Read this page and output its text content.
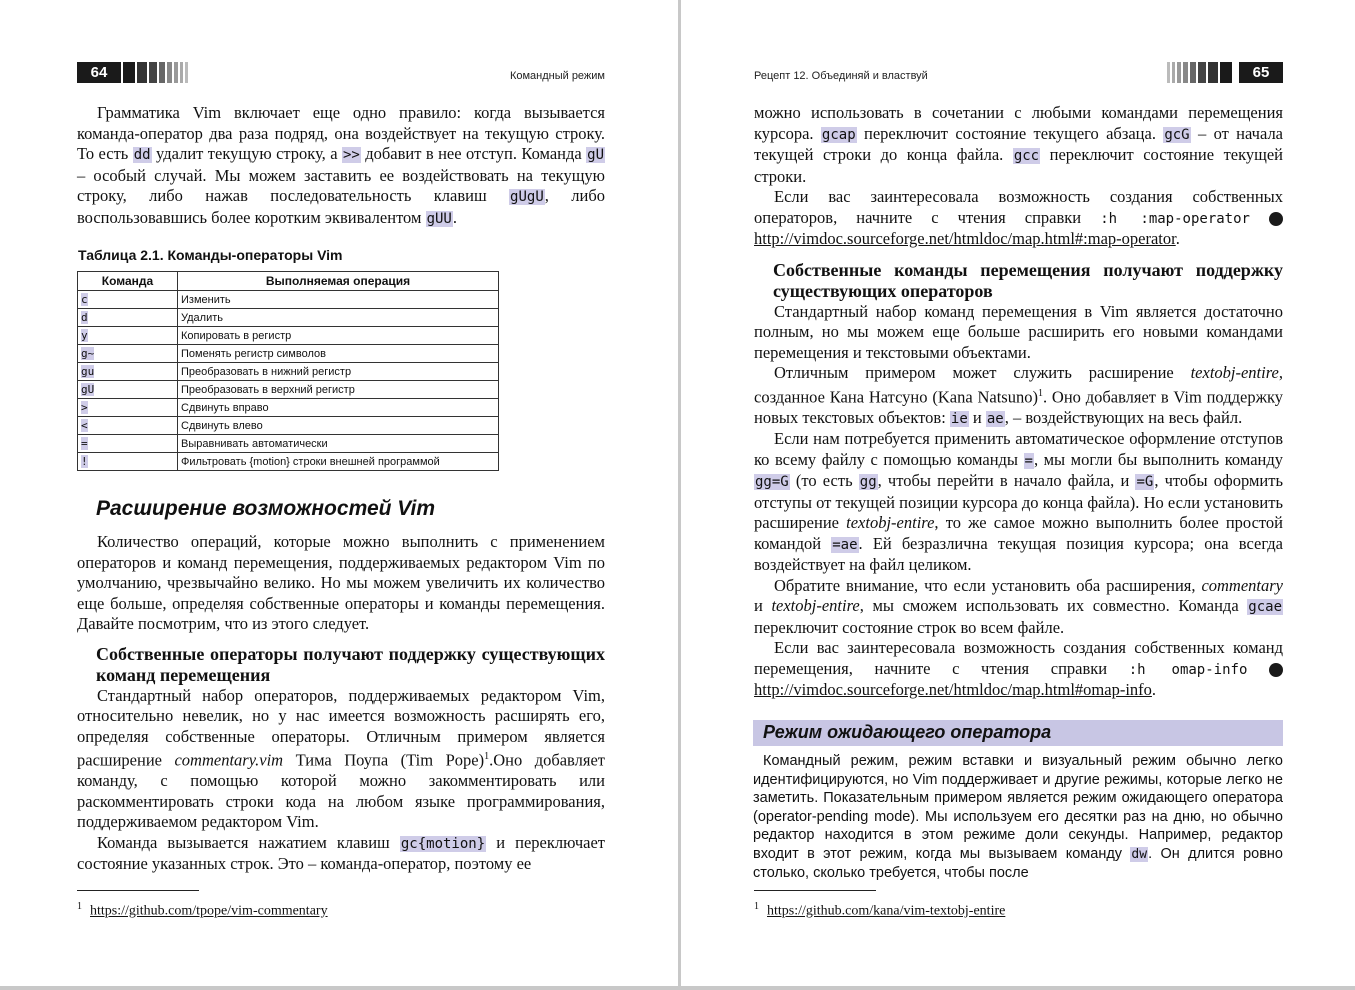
64	Командный режим

Грамматика Vim включает еще одно правило: когда вызывается команда-оператор два раза подряд, она воздействует на текущую строку. То есть dd удалит текущую строку, а >> добавит в нее отступ. Команда gU – особый случай. Мы можем заставить ее воздействовать на текущую строку, либо нажав последовательность клавиш gUgU, либо воспользовавшись более коротким эквивалентом gUU.

Таблица 2.1. Команды-операторы Vim
Команда	Выполняемая операция
c	Изменить
d	Удалить
y	Копировать в регистр
g~	Поменять регистр символов
gu	Преобразовать в нижний регистр
gU	Преобразовать в верхний регистр
>	Сдвинуть вправо
<	Сдвинуть влево
=	Выравнивать автоматически
!	Фильтровать {motion} строки внешней программой
Расширение возможностей Vim

Количество операций, которые можно выполнить с применением операторов и команд перемещения, поддерживаемых редактором Vim по умолчанию, чрезвычайно велико. Но мы можем увеличить их количество еще больше, определяя собственные операторы и команды перемещения. Давайте посмотрим, что из этого следует.

Собственные операторы получают поддержку существующих команд перемещения

Стандартный набор операторов, поддерживаемых редактором Vim, относительно невелик, но у нас имеется возможность расширять его, определяя собственные операторы. Отличным примером является расширение commentary.vim Тима Поупа (Tim Pope)$^1$.Оно добавляет команду, с помощью которой можно закомментировать или раскомментировать строки кода на любом языке программирования, поддерживаемом редактором Vim.

Команда вызывается нажатием клавиш gc{motion} и переключает состояние указанных строк. Это – команда-оператор, поэтому ее

$^1$ https://github.com/tpope/vim-commentary
Рецепт 12. Объединяй и властвуй	65

можно использовать в сочетании с любыми командами перемещения курсора. gcap переключит состояние текущего абзаца. gcG – от начала текущей строки до конца файла. gcc переключит состояние текущей строки.

Если вас заинтересовала возможность создания собственных операторов, начните с чтения справки :h :map-operator	i http://vimdoc.sourceforge.net/htmldoc/map.html#:map-operator.

Собственные команды перемещения получают поддержку существующих операторов

Стандартный набор команд перемещения в Vim является достаточно полным, но мы можем еще больше расширить его новыми командами перемещения и текстовыми объектами.

Отличным примером может служить расширение textobj-entire, созданное Кана Натсуно (Kana Natsuno)$^1$. Оно добавляет в Vim поддержку новых текстовых объектов: ie и ae, – воздействующих на весь файл.

Если нам потребуется применить автоматическое оформление отступов ко всему файлу с помощью команды =, мы могли бы выполнить команду gg=G (то есть gg, чтобы перейти в начало файла, и =G, чтобы оформить отступы от текущей позиции курсора до конца файла). Но если установить расширение textobj-entire, то же самое можно выполнить более простой командой =ae. Ей безразлична текущая позиция курсора; она всегда воздействует на файл целиком.

Обратите внимание, что если установить оба расширения, commentary и textobj-entire, мы сможем использовать их совместно. Команда gcae переключит состояние строк во всем файле.

Если вас заинтересовала возможность создания собственных команд перемещения, начните с чтения справки :h omap-info	i http://vimdoc.sourceforge.net/htmldoc/map.html#omap-info.

Режим ожидающего оператора

Командный режим, режим вставки и визуальный режим обычно легко идентифицируются, но Vim поддерживает и другие режимы, которые легко не заметить. Показательным примером является режим ожидающего оператора (operator-pending mode). Мы используем его десятки раз на дню, но обычно редактор находится в этом режиме доли секунды. Например, редактор входит в этот режим, когда мы вызываем команду dw. Он длится ровно столько, сколько требуется, чтобы после

$^1$ https://github.com/kana/vim-textobj-entire
